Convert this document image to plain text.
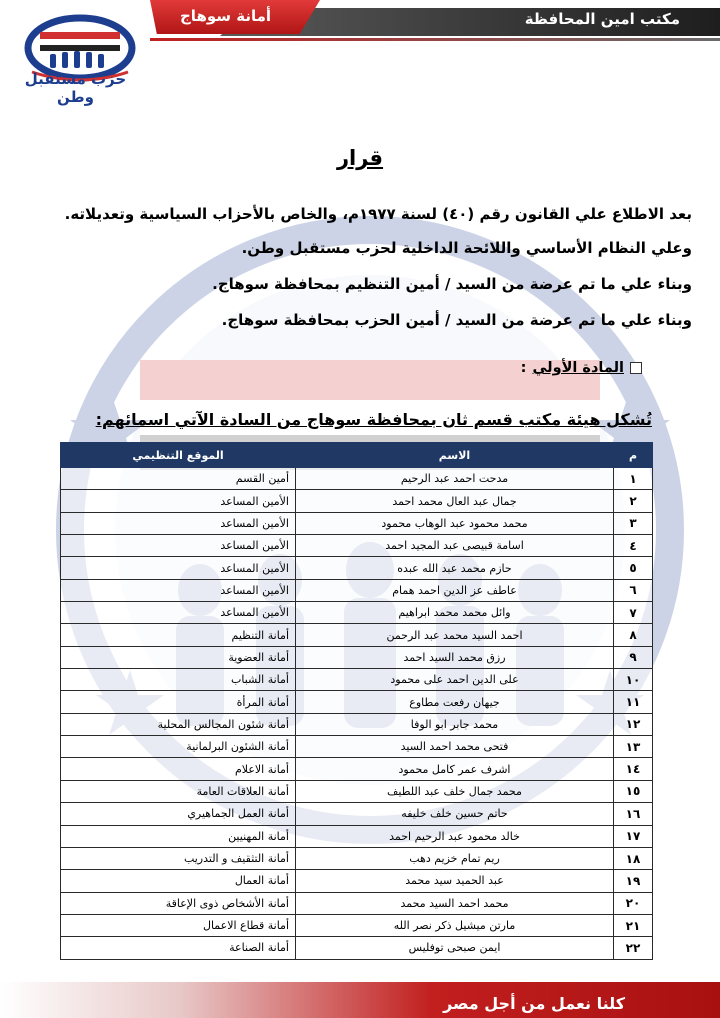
مكتب امين المحافظة
أمانة سوهاج
حزب مستقبل وطن
قرار
بعد الاطلاع علي القانون رقم (٤٠) لسنة ١٩٧٧م، والخاص بالأحزاب السياسية وتعديلاته.
وعلي النظام الأساسي واللائحة الداخلية لحزب مستقبل وطن.
وبناء علي ما تم عرضة من السيد / أمين التنظيم بمحافظة سوهاج.
وبناء علي ما تم عرضة من السيد / أمين الحزب بمحافظة سوهاج.
المادة الأولي
:
تُشكل هيئة مكتب قسم ثان بمحافظة سوهاج من السادة الآتي اسمائهم:
م	الاسم	الموقع التنظيمي
١	مدحت احمد عبد الرحيم	أمين القسم
٢	جمال عبد العال محمد احمد	الأمين المساعد
٣	محمد محمود عبد الوهاب محمود	الأمين المساعد
٤	اسامة قبيصى عبد المجيد احمد	الأمين المساعد
٥	حازم محمد عبد الله عبده	الأمين المساعد
٦	عاطف عز الدين احمد همام	الأمين المساعد
٧	وائل محمد محمد ابراهيم	الأمين المساعد
٨	احمد السيد محمد عبد الرحمن	أمانة التنظيم
٩	رزق محمد السيد احمد	أمانة العضوية
١٠	على الدين احمد على محمود	أمانة الشباب
١١	جيهان رفعت مطاوع	أمانة المرأة
١٢	محمد جابر ابو الوفا	أمانة شئون المجالس المحلية
١٣	فتحى محمد احمد السيد	أمانة الشئون البرلمانية
١٤	اشرف عمر كامل محمود	أمانة الاعلام
١٥	محمد جمال خلف عبد اللطيف	أمانة العلاقات العامة
١٦	حاتم حسين خلف خليفه	أمانة العمل الجماهيري
١٧	خالد محمود عبد الرحيم احمد	أمانة المهنيين
١٨	ريم تمام خزيم دهب	أمانة التثقيف و التدريب
١٩	عبد الحميد سيد محمد	أمانة العمال
٢٠	محمد احمد السيد محمد	أمانة الأشخاص ذوى الإعاقة
٢١	مارتن ميشيل ذكر نصر الله	أمانة قطاع الاعمال
٢٢	ايمن صبحى توفليس	أمانة الصناعة
كلنا نعمل من أجل مصر
